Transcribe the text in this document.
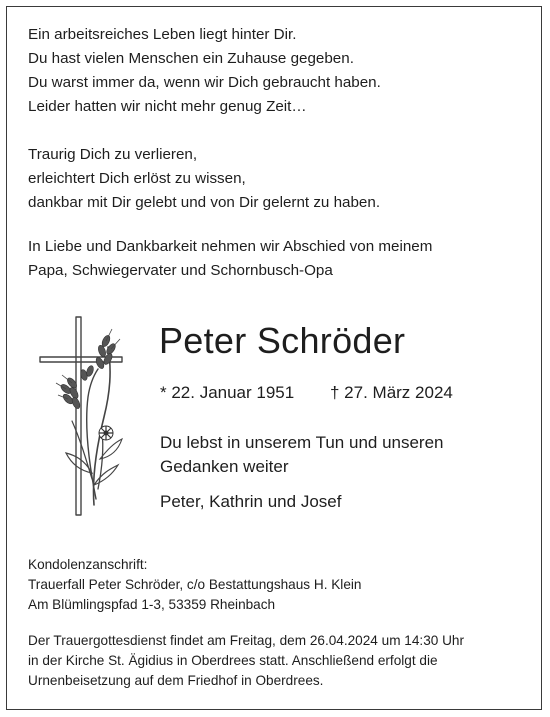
Ein arbeitsreiches Leben liegt hinter Dir.
Du hast vielen Menschen ein Zuhause gegeben.
Du warst immer da, wenn wir Dich gebraucht haben.
Leider hatten wir nicht mehr genug Zeit…
Traurig Dich zu verlieren,
erleichtert Dich erlöst zu wissen,
dankbar mit Dir gelebt und von Dir gelernt zu haben.
In Liebe und Dankbarkeit nehmen wir Abschied von meinem
Papa, Schwiegervater und Schornbusch-Opa
Peter Schröder
* 22. Januar 1951 † 27. März 2024
Du lebst in unserem Tun und unseren
Gedanken weiter
Peter, Kathrin und Josef
Kondolenzanschrift:
Trauerfall Peter Schröder, c/o Bestattungshaus H. Klein
Am Blümlingspfad 1-3, 53359 Rheinbach
Der Trauergottesdienst findet am Freitag, dem 26.04.2024 um 14:30 Uhr
in der Kirche St. Ägidius in Oberdrees statt. Anschließend erfolgt die
Urnenbeisetzung auf dem Friedhof in Oberdrees.
